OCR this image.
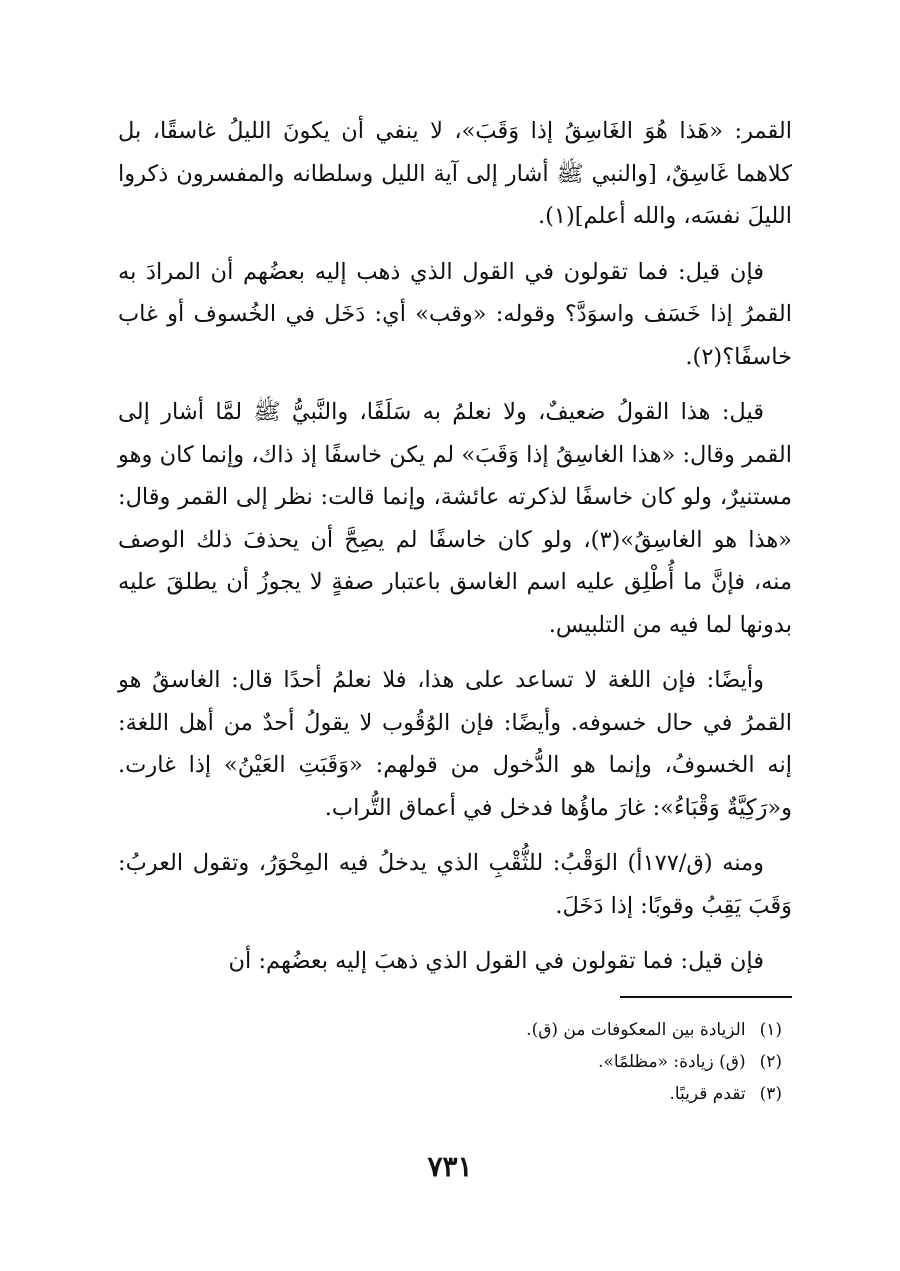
القمر: «هَذا هُوَ الغَاسِقُ إذا وَقَبَ»، لا ينفي أن يكونَ الليلُ غاسقًا، بل كلاهما غَاسِقٌ، [والنبي ﷺ أشار إلى آية الليل وسلطانه والمفسرون ذكروا الليلَ نفسَه، والله أعلم](١).

فإن قيل: فما تقولون في القول الذي ذهب إليه بعضُهم أن المرادَ به القمرُ إذا خَسَف واسوَدَّ؟ وقوله: «وقب» أي: دَخَل في الخُسوف أو غاب خاسفًا؟(٢).

قيل: هذا القولُ ضعيفٌ، ولا نعلمُ به سَلَفًا، والنَّبيُّ ﷺ لمَّا أشار إلى القمر وقال: «هذا الغاسِقُ إذا وَقَبَ» لم يكن خاسفًا إذ ذاك، وإنما كان وهو مستنيرٌ، ولو كان خاسفًا لذكرته عائشة، وإنما قالت: نظر إلى القمر وقال: «هذا هو الغاسِقُ»(٣)، ولو كان خاسفًا لم يصِحَّ أن يحذفَ ذلك الوصف منه، فإنَّ ما أُطْلِق عليه اسم الغاسق باعتبار صفةٍ لا يجوزُ أن يطلقَ عليه بدونها لما فيه من التلبيس.

وأيضًا: فإن اللغة لا تساعد على هذا، فلا نعلمُ أحدًا قال: الغاسقُ هو القمرُ في حال خسوفه. وأيضًا: فإن الوُقُوب لا يقولُ أحدٌ من أهل اللغة: إنه الخسوفُ، وإنما هو الدُّخول من قولهم: «وَقَبَتِ العَيْنُ» إذا غارت. و«رَكِيَّةٌ وَقْبَاءُ»: غارَ ماؤُها فدخل في أعماق التُّراب.

ومنه (ق/١٧٧أ) الوَقْبُ: للثُّقْبِ الذي يدخلُ فيه المِحْوَرُ، وتقول العربُ: وَقَبَ يَقِبُ وقوبًا: إذا دَخَلَ.

فإن قيل: فما تقولون في القول الذي ذهبَ إليه بعضُهم: أن

(١)الزيادة بين المعكوفات من (ق).
(٢)(ق) زيادة: «مظلمًا».
(٣)تقدم قريبًا.
٧٣١
